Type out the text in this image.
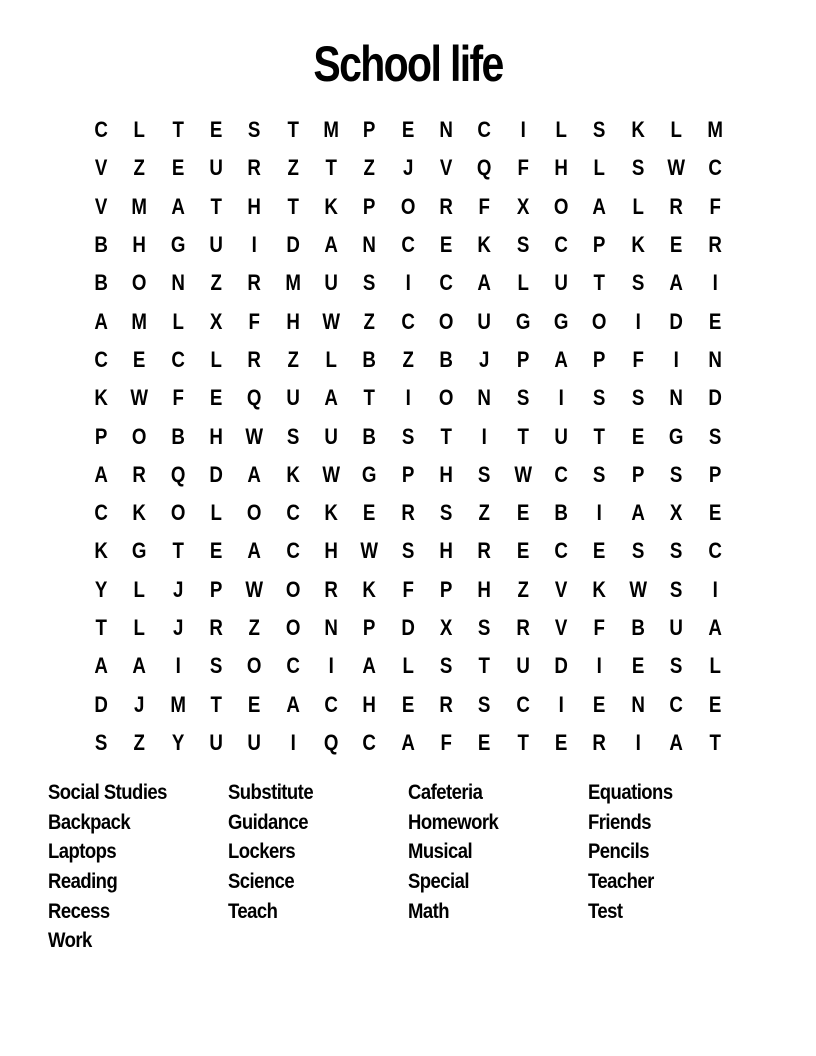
School life
C	L	T	E	S	T	M	P	E	N	C	I	L	S	K	L	M
V	Z	E	U	R	Z	T	Z	J	V	Q	F	H	L	S	W	C
V	M	A	T	H	T	K	P	O	R	F	X	O	A	L	R	F
B	H	G	U	I	D	A	N	C	E	K	S	C	P	K	E	R
B	O	N	Z	R	M	U	S	I	C	A	L	U	T	S	A	I
A	M	L	X	F	H	W	Z	C	O	U	G	G	O	I	D	E
C	E	C	L	R	Z	L	B	Z	B	J	P	A	P	F	I	N
K	W	F	E	Q	U	A	T	I	O	N	S	I	S	S	N	D
P	O	B	H	W	S	U	B	S	T	I	T	U	T	E	G	S
A	R	Q	D	A	K	W	G	P	H	S	W	C	S	P	S	P
C	K	O	L	O	C	K	E	R	S	Z	E	B	I	A	X	E
K	G	T	E	A	C	H	W	S	H	R	E	C	E	S	S	C
Y	L	J	P	W	O	R	K	F	P	H	Z	V	K	W	S	I
T	L	J	R	Z	O	N	P	D	X	S	R	V	F	B	U	A
A	A	I	S	O	C	I	A	L	S	T	U	D	I	E	S	L
D	J	M	T	E	A	C	H	E	R	S	C	I	E	N	C	E
S	Z	Y	U	U	I	Q	C	A	F	E	T	E	R	I	A	T
Social Studies	Substitute	Cafeteria	Equations
Backpack	Guidance	Homework	Friends
Laptops	Lockers	Musical	Pencils
Reading	Science	Special	Teacher
Recess	Teach	Math	Test
Work
